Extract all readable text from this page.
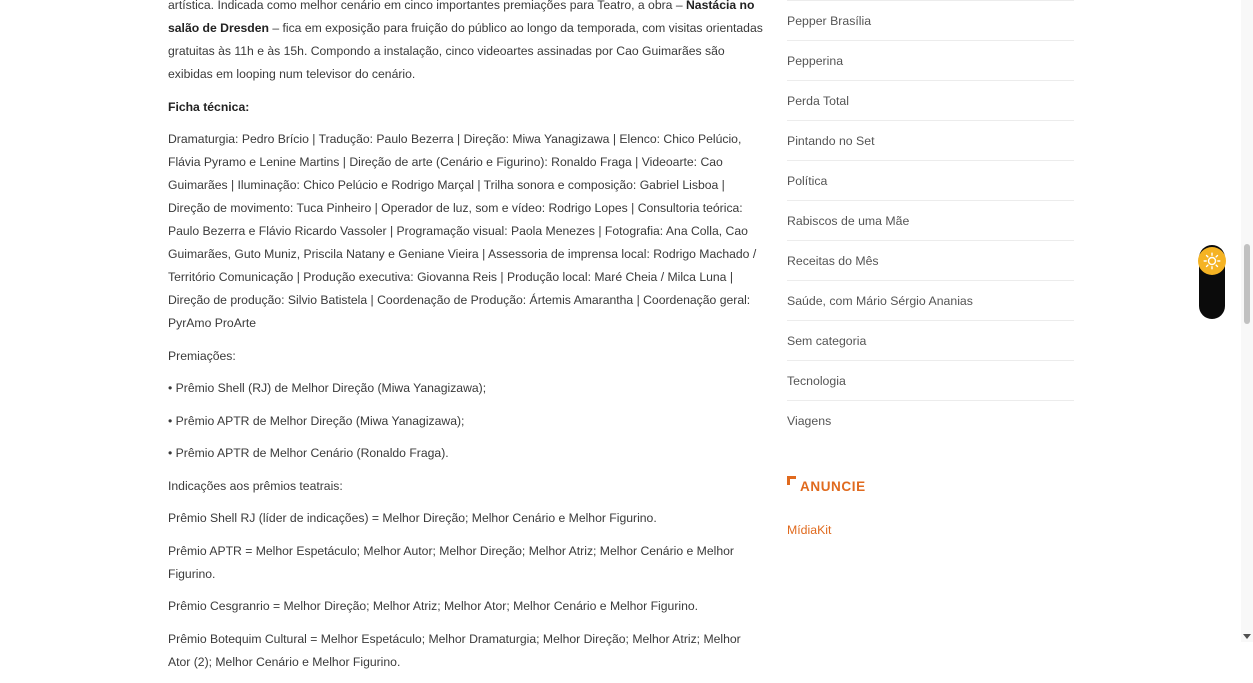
artística. Indicada como melhor cenário em cinco importantes premiações para Teatro, a obra – Nastácia no salão de Dresden – fica em exposição para fruição do público ao longo da temporada, com visitas orientadas gratuitas às 11h e às 15h. Compondo a instalação, cinco videoartes assinadas por Cao Guimarães são exibidas em looping num televisor do cenário.

Ficha técnica:

Dramaturgia: Pedro Brício | Tradução: Paulo Bezerra | Direção: Miwa Yanagizawa | Elenco: Chico Pelúcio, Flávia Pyramo e Lenine Martins | Direção de arte (Cenário e Figurino): Ronaldo Fraga | Videoarte: Cao Guimarães | Iluminação: Chico Pelúcio e Rodrigo Marçal | Trilha sonora e composição: Gabriel Lisboa | Direção de movimento: Tuca Pinheiro | Operador de luz, som e vídeo: Rodrigo Lopes | Consultoria teórica: Paulo Bezerra e Flávio Ricardo Vassoler | Programação visual: Paola Menezes | Fotografia: Ana Colla, Cao Guimarães, Guto Muniz, Priscila Natany e Geniane Vieira | Assessoria de imprensa local: Rodrigo Machado / Território Comunicação | Produção executiva: Giovanna Reis | Produção local: Maré Cheia / Milca Luna | Direção de produção: Silvio Batistela | Coordenação de Produção: Ártemis Amarantha | Coordenação geral: PyrAmo ProArte

Premiações:

• Prêmio Shell (RJ) de Melhor Direção (Miwa Yanagizawa);

• Prêmio APTR de Melhor Direção (Miwa Yanagizawa);

• Prêmio APTR de Melhor Cenário (Ronaldo Fraga).

Indicações aos prêmios teatrais:

Prêmio Shell RJ (líder de indicações) = Melhor Direção; Melhor Cenário e Melhor Figurino.

Prêmio APTR = Melhor Espetáculo; Melhor Autor; Melhor Direção; Melhor Atriz; Melhor Cenário e Melhor Figurino.

Prêmio Cesgranrio = Melhor Direção; Melhor Atriz; Melhor Ator; Melhor Cenário e Melhor Figurino.

Prêmio Botequim Cultural = Melhor Espetáculo; Melhor Dramaturgia; Melhor Direção; Melhor Atriz; Melhor Ator (2); Melhor Cenário e Melhor Figurino.

Pepper Brasília
Pepperina
Perda Total
Pintando no Set
Política
Rabiscos de uma Mãe
Receitas do Mês
Saúde, com Mário Sérgio Ananias
Sem categoria
Tecnologia
Viagens
ANUNCIE
MídiaKit
